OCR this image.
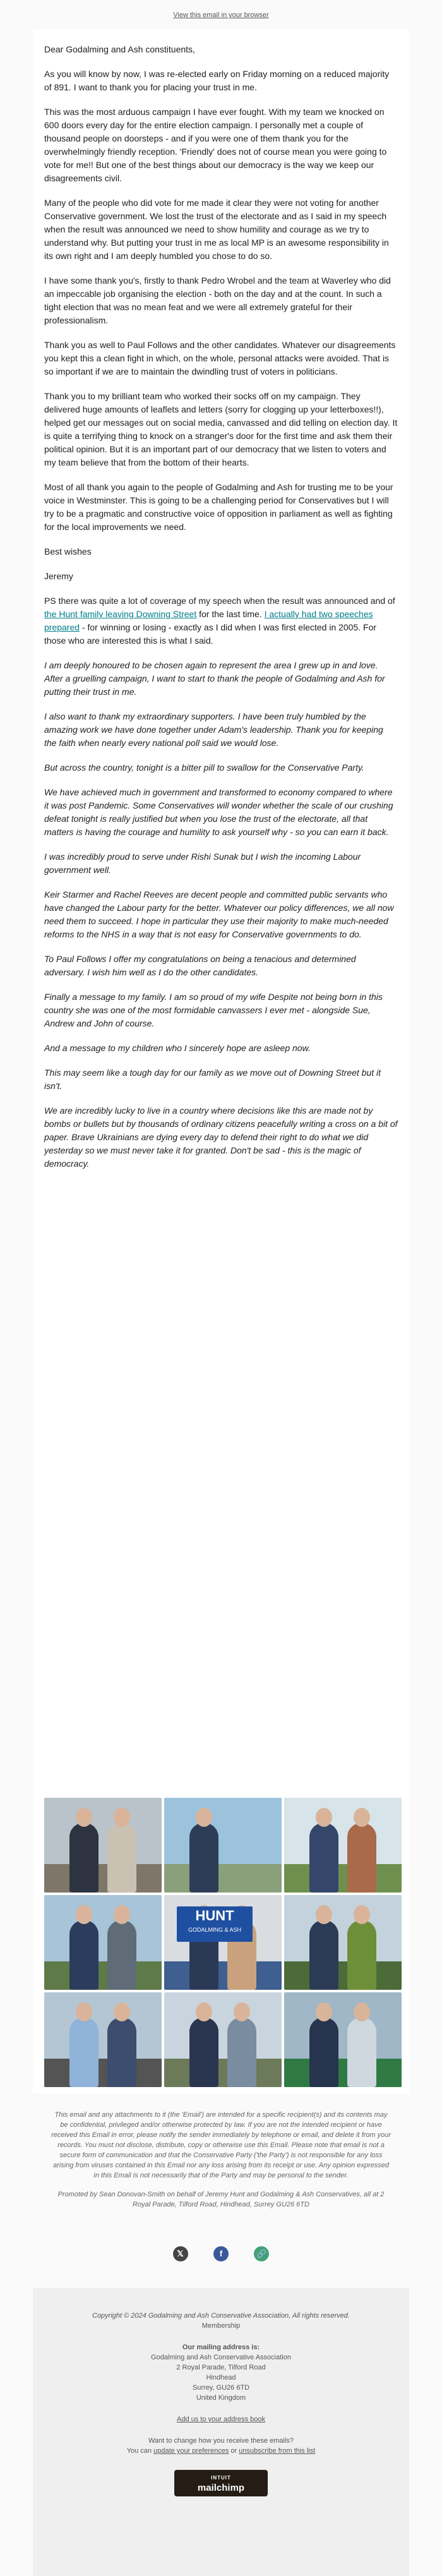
View this email in your browser

Dear Godalming and Ash constituents,

As you will know by now, I was re-elected early on Friday morning on a reduced majority of 891. I want to thank you for placing your trust in me.

This was the most arduous campaign I have ever fought. With my team we knocked on 600 doors every day for the entire election campaign. I personally met a couple of thousand people on doorsteps - and if you were one of them thank you for the overwhelmingly friendly reception. 'Friendly' does not of course mean you were going to vote for me!! But one of the best things about our democracy is the way we keep our disagreements civil.

Many of the people who did vote for me made it clear they were not voting for another Conservative government. We lost the trust of the electorate and as I said in my speech when the result was announced we need to show humility and courage as we try to understand why. But putting your trust in me as local MP is an awesome responsibility in its own right and I am deeply humbled you chose to do so.

I have some thank you's, firstly to thank Pedro Wrobel and the team at Waverley who did an impeccable job organising the election - both on the day and at the count. In such a tight election that was no mean feat and we were all extremely grateful for their professionalism.

Thank you as well to Paul Follows and the other candidates. Whatever our disagreements you kept this a clean fight in which, on the whole, personal attacks were avoided. That is so important if we are to maintain the dwindling trust of voters in politicians.

Thank you to my brilliant team who worked their socks off on my campaign. They delivered huge amounts of leaflets and letters (sorry for clogging up your letterboxes!!), helped get our messages out on social media, canvassed and did telling on election day. It is quite a terrifying thing to knock on a stranger's door for the first time and ask them their political opinion. But it is an important part of our democracy that we listen to voters and my team believe that from the bottom of their hearts.

Most of all thank you again to the people of Godalming and Ash for trusting me to be your voice in Westminster. This is going to be a challenging period for Conservatives but I will try to be a pragmatic and constructive voice of opposition in parliament as well as fighting for the local improvements we need.

Best wishes

Jeremy

PS there was quite a lot of coverage of my speech when the result was announced and of the Hunt family leaving Downing Street for the last time. I actually had two speeches prepared - for winning or losing - exactly as I did when I was first elected in 2005. For those who are interested this is what I said.

I am deeply honoured to be chosen again to represent the area I grew up in and love. After a gruelling campaign, I want to start to thank the people of Godalming and Ash for putting their trust in me.

I also want to thank my extraordinary supporters. I have been truly humbled by the amazing work we have done together under Adam's leadership. Thank you for keeping the faith when nearly every national poll said we would lose.

But across the country, tonight is a bitter pill to swallow for the Conservative Party.

We have achieved much in government and transformed to economy compared to where it was post Pandemic. Some Conservatives will wonder whether the scale of our crushing defeat tonight is really justified but when you lose the trust of the electorate, all that matters is having the courage and humility to ask yourself why - so you can earn it back.

I was incredibly proud to serve under Rishi Sunak but I wish the incoming Labour government well.

Keir Starmer and Rachel Reeves are decent people and committed public servants who have changed the Labour party for the better. Whatever our policy differences, we all now need them to succeed. I hope in particular they use their majority to make much-needed reforms to the NHS in a way that is not easy for Conservative governments to do.

To Paul Follows I offer my congratulations on being a tenacious and determined adversary. I wish him well as I do the other candidates.

Finally a message to my family. I am so proud of my wife Despite not being born in this country she was one of the most formidable canvassers I ever met - alongside Sue, Andrew and John of course.

And a message to my children who I sincerely hope are asleep now.

This may seem like a tough day for our family as we move out of Downing Street but it isn't.

We are incredibly lucky to live in a country where decisions like this are made not by bombs or bullets but by thousands of ordinary citizens peacefully writing a cross on a bit of paper. Brave Ukrainians are dying every day to defend their right to do what we did yesterday so we must never take it for granted. Don't be sad - this is the magic of democracy.

HUNT
GODALMING & ASH

This email and any attachments to it (the 'Email') are intended for a specific recipient(s) and its contents may be confidential, privileged and/or otherwise protected by law. If you are not the intended recipient or have received this Email in error, please notify the sender immediately by telephone or email, and delete it from your records. You must not disclose, distribute, copy or otherwise use this Email. Please note that email is not a secure form of communication and that the Conservative Party ('the Party') is not responsible for any loss arising from viruses contained in this Email nor any loss arising from its receipt or use. Any opinion expressed in this Email is not necessarily that of the Party and may be personal to the sender.

Promoted by Sean Donovan-Smith on behalf of Jeremy Hunt and Godalming & Ash Conservatives, all at 2 Royal Parade, Tilford Road, Hindhead, Surrey GU26 6TD

𝕏	f	🔗
Copyright © 2024 Godalming and Ash Conservative Association, All rights reserved.
Membership
Our mailing address is:
Godalming and Ash Conservative Association
2 Royal Parade, Tilford Road
Hindhead
Surrey, GU26 6TD
United Kingdom
Add us to your address book
Want to change how you receive these emails?
You can update your preferences or unsubscribe from this list
INTUIT
mailchimp
